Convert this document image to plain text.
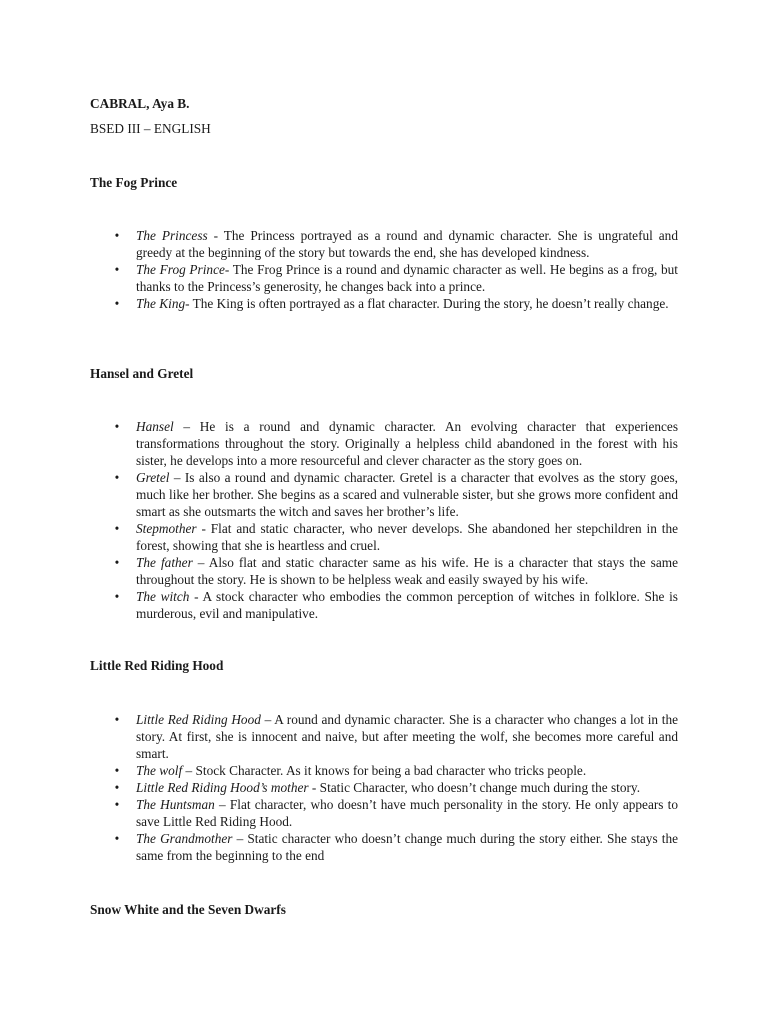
CABRAL, Aya B.
BSED III – ENGLISH
The Fog Prince
• The Princess - The Princess portrayed as a round and dynamic character. She is ungrateful and greedy at the beginning of the story but towards the end, she has developed kindness.
• The Frog Prince- The Frog Prince is a round and dynamic character as well. He begins as a frog, but thanks to the Princess’s generosity, he changes back into a prince.
• The King- The King is often portrayed as a flat character. During the story, he doesn’t really change.
Hansel and Gretel
• Hansel – He is a round and dynamic character. An evolving character that experiences transformations throughout the story. Originally a helpless child abandoned in the forest with his sister, he develops into a more resourceful and clever character as the story goes on.
• Gretel – Is also a round and dynamic character. Gretel is a character that evolves as the story goes, much like her brother. She begins as a scared and vulnerable sister, but she grows more confident and smart as she outsmarts the witch and saves her brother’s life.
• Stepmother - Flat and static character, who never develops. She abandoned her stepchildren in the forest, showing that she is heartless and cruel.
• The father – Also flat and static character same as his wife. He is a character that stays the same throughout the story. He is shown to be helpless weak and easily swayed by his wife.
• The witch - A stock character who embodies the common perception of witches in folklore. She is murderous, evil and manipulative.
Little Red Riding Hood
• Little Red Riding Hood – A round and dynamic character. She is a character who changes a lot in the story. At first, she is innocent and naive, but after meeting the wolf, she becomes more careful and smart.
• The wolf – Stock Character. As it knows for being a bad character who tricks people.
• Little Red Riding Hood’s mother - Static Character, who doesn’t change much during the story.
• The Huntsman – Flat character, who doesn’t have much personality in the story. He only appears to save Little Red Riding Hood.
• The Grandmother – Static character who doesn’t change much during the story either. She stays the same from the beginning to the end
Snow White and the Seven Dwarfs
